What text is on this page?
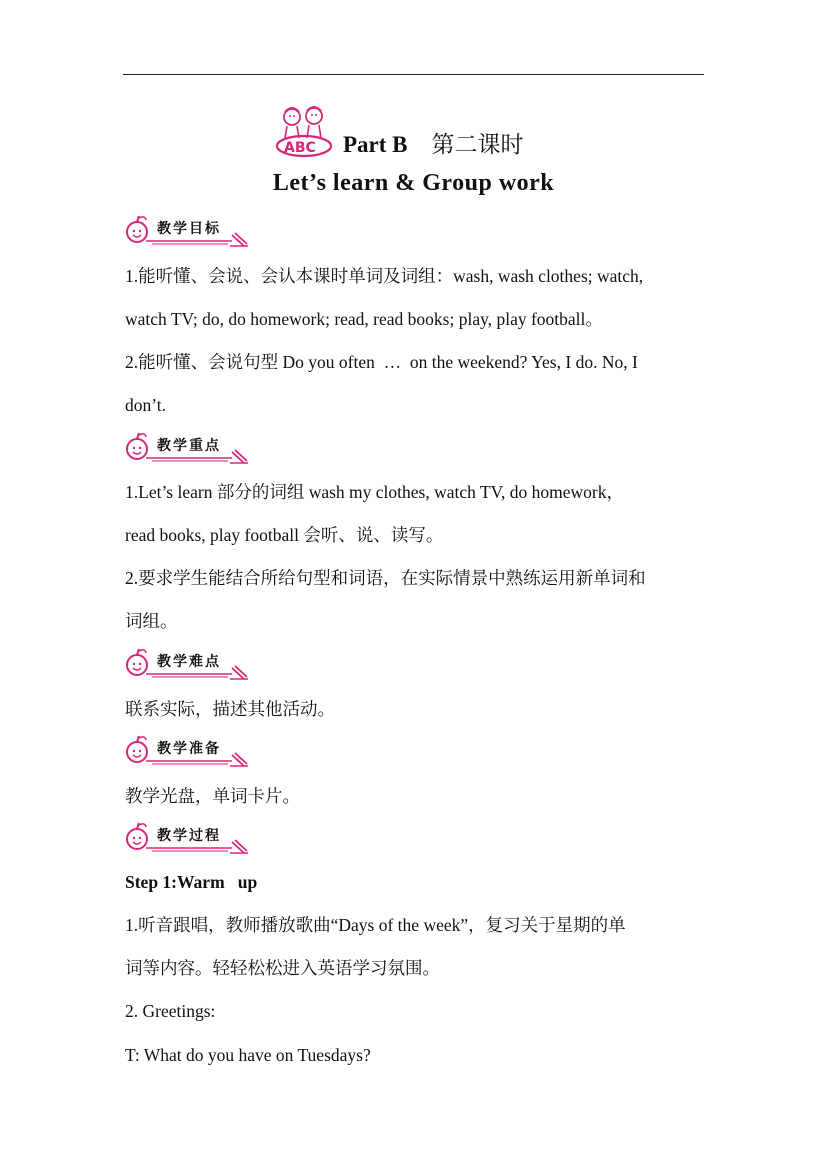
ABC Part B 第二课时
Let’s learn & Group work
教学目标
1.能听懂、会说、会认本课时单词及词组：wash, wash clothes; watch,
watch TV; do, do homework; read, read books; play, play football。
2.能听懂、会说句型 Do you often  …  on the weekend? Yes, I do. No, I
don’t.
教学重点
1.Let’s learn 部分的词组 wash my clothes, watch TV, do homework，
read books, play football 会听、说、读写。
2.要求学生能结合所给句型和词语，在实际情景中熟练运用新单词和
词组。
教学难点
联系实际，描述其他活动。
教学准备
教学光盘，单词卡片。
教学过程
Step 1:Warm   up
1.听音跟唱，教师播放歌曲“Days of the week”，复习关于星期的单
词等内容。轻轻松松进入英语学习氛围。
2. Greetings:
T: What do you have on Tuesdays?
